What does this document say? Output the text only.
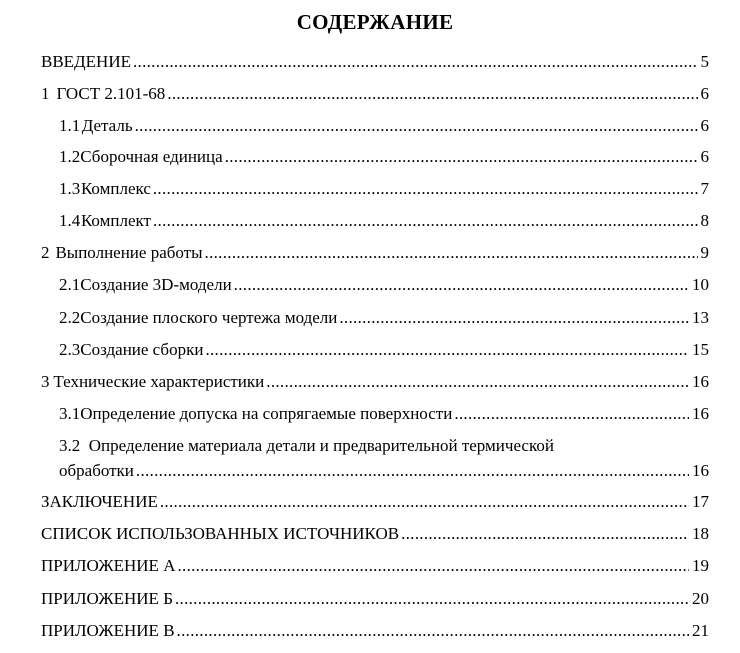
СОДЕРЖАНИЕ
ВВЕДЕНИЕ .....	5
1 ГОСТ 2.101-68 .....	6
1.1 Деталь .....	6
1.2 Сборочная единица .....	6
1.3 Комплекс .....	7
1.4 Комплект .....	8
2 Выполнение работы .....	9
2.1 Создание 3D-модели .....	10
2.2 Создание плоского чертежа модели .....	13
2.3 Создание сборки .....	15
3 Технические характеристики .....	16
3.1 Определение допуска на сопрягаемые поверхности .....	16
3.2 Определение материала детали и предварительной термической
обработки .....	16
ЗАКЛЮЧЕНИЕ .....	17
СПИСОК ИСПОЛЬЗОВАННЫХ ИСТОЧНИКОВ .....	18
ПРИЛОЖЕНИЕ А .....	19
ПРИЛОЖЕНИЕ Б .....	20
ПРИЛОЖЕНИЕ В .....	21
